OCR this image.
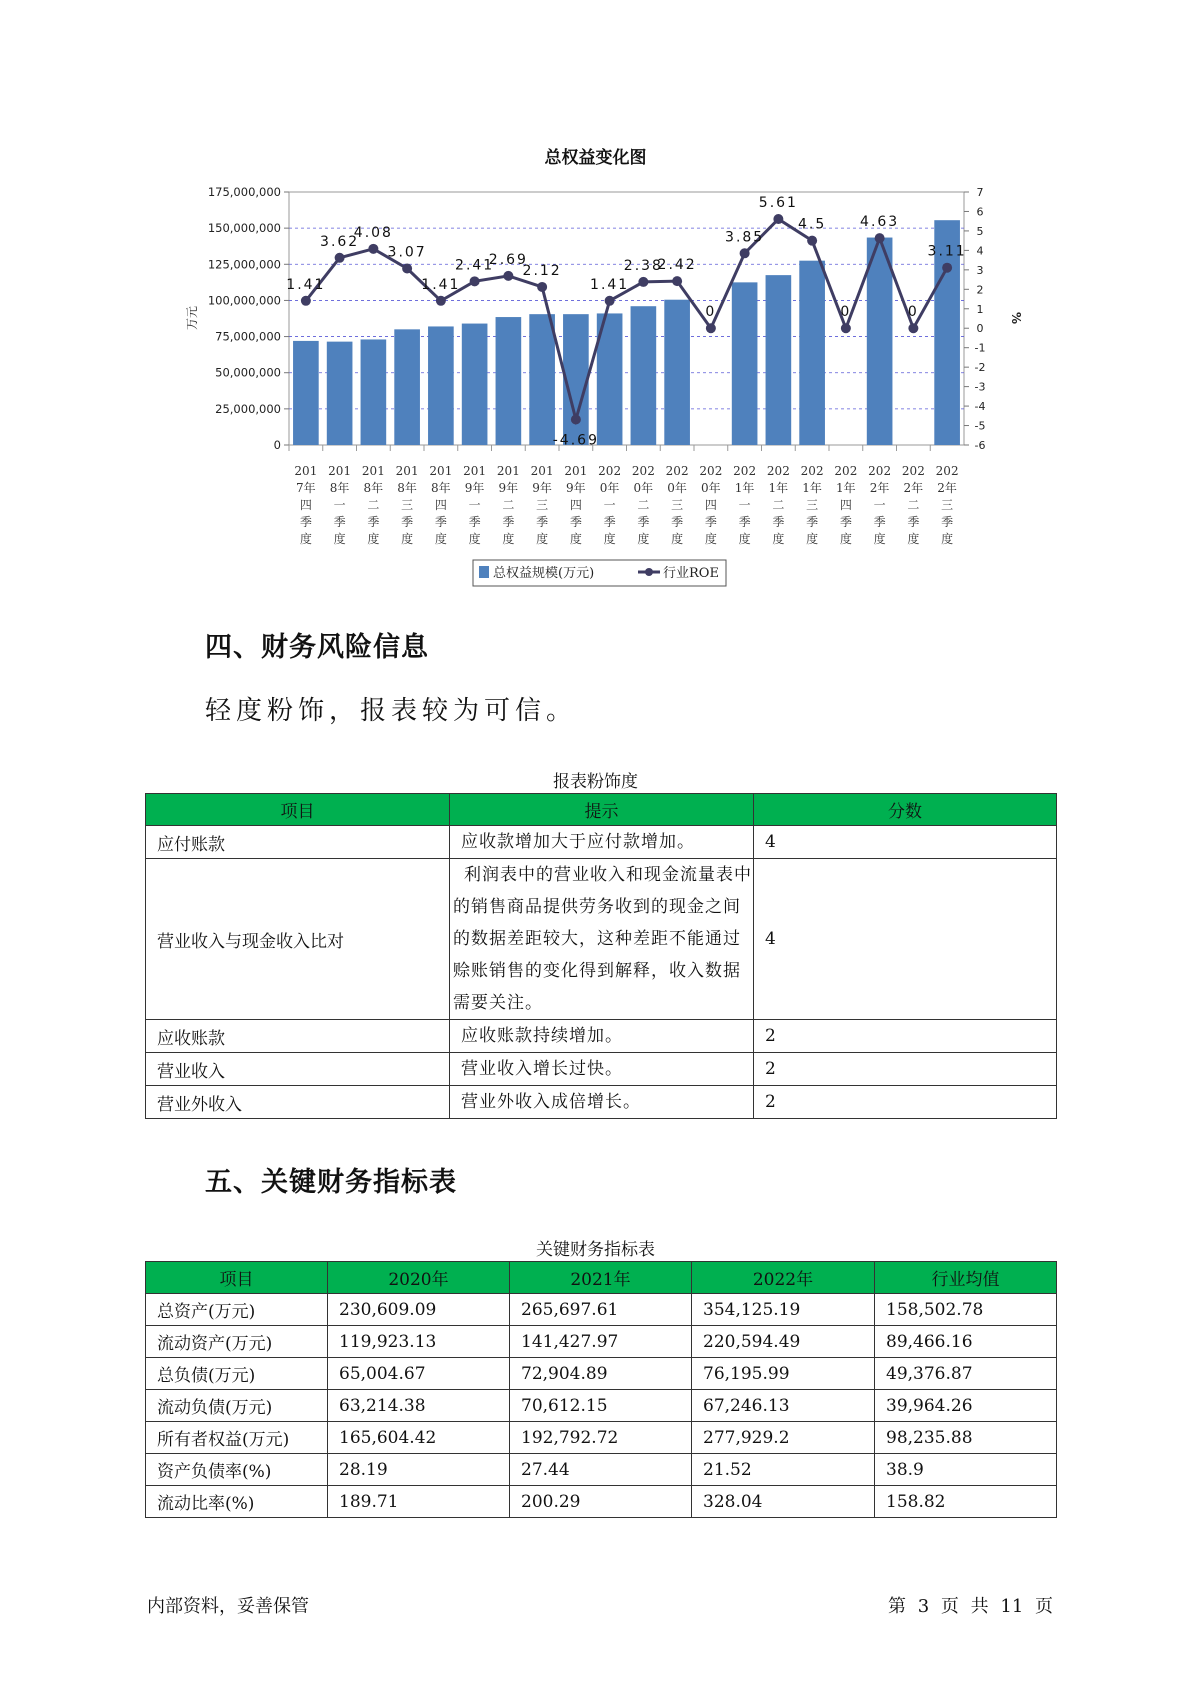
总权益变化图
175,000,000
150,000,000
125,000,000
100,000,000
75,000,000
50,000,000
25,000,000
0
7
6
5
4
3
2
1
0
-1
-2
-3
-4
-5
-6
万元	%
1.41
3.62
4.08
3.07
1.41
2.41
2.69
2.12
-4.69
1.41
2.38
2.42
0
3.85
5.61
4.5
0
4.63
0
3.11
201 7年四季度
201 8年一季度
201 8年二季度
201 8年三季度
201 8年四季度
201 9年一季度
201 9年二季度
201 9年三季度
201 9年四季度
202 0年一季度
202 0年二季度
202 0年三季度
202 0年四季度
202 1年一季度
202 1年二季度
202 1年三季度
202 1年四季度
202 2年一季度
202 2年二季度
202 2年三季度
总权益规模(万元)	行业ROE
四、财务风险信息
轻度粉饰，报表较为可信。
报表粉饰度
项目	提示	分数
应付账款	应收款增加大于应付款增加。	4
营业收入与现金收入比对	利润表中的营业收入和现金流量表中的销售商品提供劳务收到的现金之间的数据差距较大，这种差距不能通过赊账销售的变化得到解释，收入数据需要关注。	4
应收账款	应收账款持续增加。	2
营业收入	营业收入增长过快。	2
营业外收入	营业外收入成倍增长。	2
五、关键财务指标表
关键财务指标表
项目	2020年	2021年	2022年	行业均值
总资产(万元)	230,609.09	265,697.61	354,125.19	158,502.78
流动资产(万元)	119,923.13	141,427.97	220,594.49	89,466.16
总负债(万元)	65,004.67	72,904.89	76,195.99	49,376.87
流动负债(万元)	63,214.38	70,612.15	67,246.13	39,964.26
所有者权益(万元)	165,604.42	192,792.72	277,929.2	98,235.88
资产负债率(%)	28.19	27.44	21.52	38.9
流动比率(%)	189.71	200.29	328.04	158.82
内部资料，妥善保管	第 3 页 共 11 页
